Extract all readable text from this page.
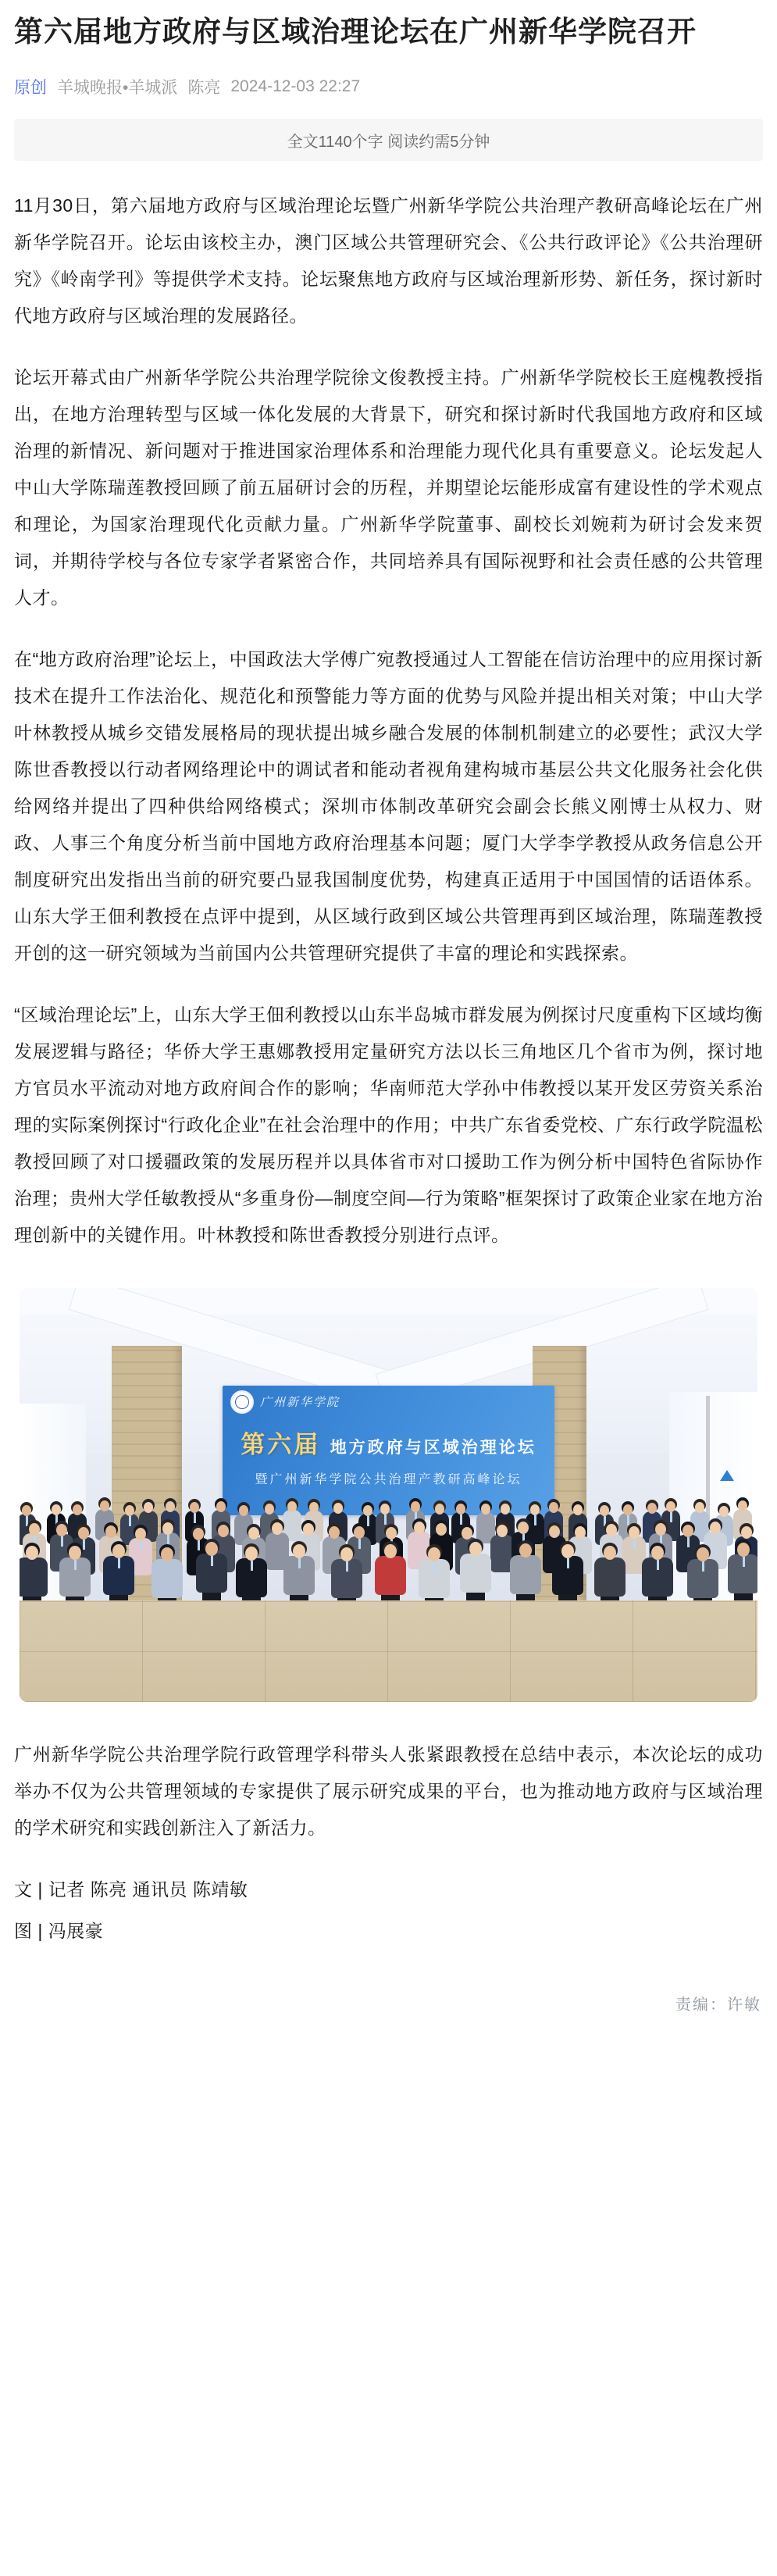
第六届地方政府与区域治理论坛在广州新华学院召开
原创 羊城晚报•羊城派 陈亮 2024-12-03 22:27
全文1140个字 阅读约需5分钟

11月30日，第六届地方政府与区域治理论坛暨广州新华学院公共治理产教研高峰论坛在广州新华学院召开。论坛由该校主办，澳门区域公共管理研究会、《公共行政评论》《公共治理研究》《岭南学刊》等提供学术支持。论坛聚焦地方政府与区域治理新形势、新任务，探讨新时代地方政府与区域治理的发展路径。

论坛开幕式由广州新华学院公共治理学院徐文俊教授主持。广州新华学院校长王庭槐教授指出，在地方治理转型与区域一体化发展的大背景下，研究和探讨新时代我国地方政府和区域治理的新情况、新问题对于推进国家治理体系和治理能力现代化具有重要意义。论坛发起人中山大学陈瑞莲教授回顾了前五届研讨会的历程，并期望论坛能形成富有建设性的学术观点和理论，为国家治理现代化贡献力量。广州新华学院董事、副校长刘婉莉为研讨会发来贺词，并期待学校与各位专家学者紧密合作，共同培养具有国际视野和社会责任感的公共管理人才。

在“地方政府治理”论坛上，中国政法大学傅广宛教授通过人工智能在信访治理中的应用探讨新技术在提升工作法治化、规范化和预警能力等方面的优势与风险并提出相关对策；中山大学叶林教授从城乡交错发展格局的现状提出城乡融合发展的体制机制建立的必要性；武汉大学陈世香教授以行动者网络理论中的调试者和能动者视角建构城市基层公共文化服务社会化供给网络并提出了四种供给网络模式；深圳市体制改革研究会副会长熊义刚博士从权力、财政、人事三个角度分析当前中国地方政府治理基本问题；厦门大学李学教授从政务信息公开制度研究出发指出当前的研究要凸显我国制度优势，构建真正适用于中国国情的话语体系。山东大学王佃利教授在点评中提到，从区域行政到区域公共管理再到区域治理，陈瑞莲教授开创的这一研究领域为当前国内公共管理研究提供了丰富的理论和实践探索。

“区域治理论坛”上，山东大学王佃利教授以山东半岛城市群发展为例探讨尺度重构下区域均衡发展逻辑与路径；华侨大学王惠娜教授用定量研究方法以长三角地区几个省市为例，探讨地方官员水平流动对地方政府间合作的影响；华南师范大学孙中伟教授以某开发区劳资关系治理的实际案例探讨“行政化企业”在社会治理中的作用；中共广东省委党校、广东行政学院温松教授回顾了对口援疆政策的发展历程并以具体省市对口援助工作为例分析中国特色省际协作治理；贵州大学任敏教授从“多重身份—制度空间—行为策略”框架探讨了政策企业家在地方治理创新中的关键作用。叶林教授和陈世香教授分别进行点评。

广州新华学院
第六届 地方政府与区域治理论坛
暨广州新华学院公共治理产教研高峰论坛

广州新华学院公共治理学院行政管理学科带头人张紧跟教授在总结中表示，本次论坛的成功举办不仅为公共管理领域的专家提供了展示研究成果的平台，也为推动地方政府与区域治理的学术研究和实践创新注入了新活力。

文 | 记者 陈亮 通讯员 陈靖敏

图 | 冯展豪

责编：许敏
